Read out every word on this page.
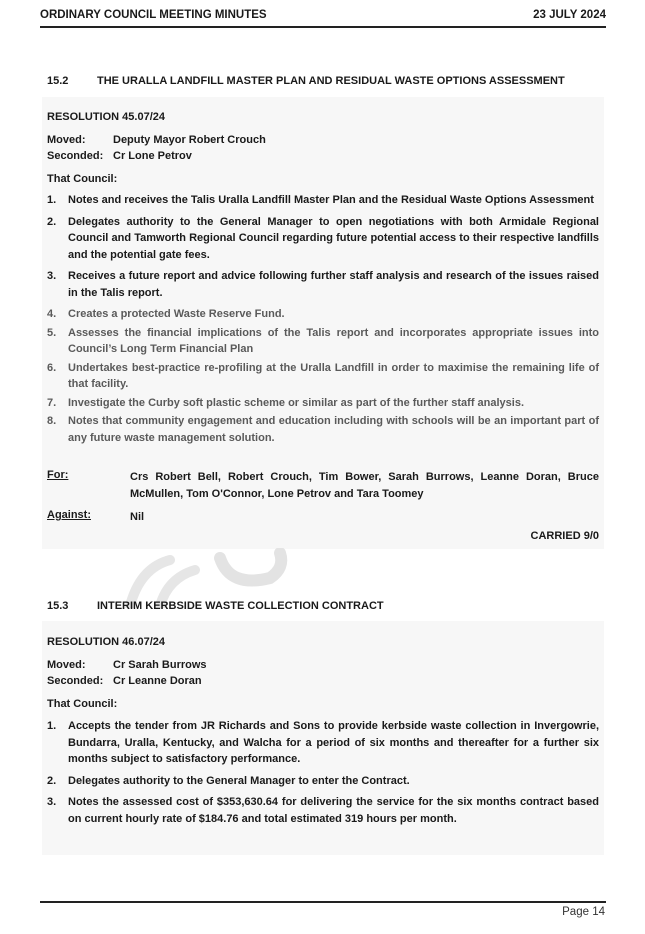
ORDINARY COUNCIL MEETING MINUTES	23 JULY 2024
15.2	THE URALLA LANDFILL MASTER PLAN AND RESIDUAL WASTE OPTIONS ASSESSMENT
RESOLUTION 45.07/24
Moved:	Deputy Mayor Robert Crouch
Seconded: Cr Lone Petrov
That Council:
1. Notes and receives the Talis Uralla Landfill Master Plan and the Residual Waste Options Assessment
2. Delegates authority to the General Manager to open negotiations with both Armidale Regional Council and Tamworth Regional Council regarding future potential access to their respective landfills and the potential gate fees.
3. Receives a future report and advice following further staff analysis and research of the issues raised in the Talis report.
4. Creates a protected Waste Reserve Fund.
5. Assesses the financial implications of the Talis report and incorporates appropriate issues into Council’s Long Term Financial Plan
6. Undertakes best-practice re-profiling at the Uralla Landfill in order to maximise the remaining life of that facility.
7. Investigate the Curby soft plastic scheme or similar as part of the further staff analysis.
8. Notes that community engagement and education including with schools will be an important part of any future waste management solution.
For:	Crs Robert Bell, Robert Crouch, Tim Bower, Sarah Burrows, Leanne Doran, Bruce McMullen, Tom O'Connor, Lone Petrov and Tara Toomey
Against:	Nil
CARRIED 9/0
15.3	INTERIM KERBSIDE WASTE COLLECTION CONTRACT
RESOLUTION 46.07/24
Moved:	Cr Sarah Burrows
Seconded: Cr Leanne Doran
That Council:
1. Accepts the tender from JR Richards and Sons to provide kerbside waste collection in Invergowrie, Bundarra, Uralla, Kentucky, and Walcha for a period of six months and thereafter for a further six months subject to satisfactory performance.
2. Delegates authority to the General Manager to enter the Contract.
3. Notes the assessed cost of $353,630.64 for delivering the service for the six months contract based on current hourly rate of $184.76 and total estimated 319 hours per month.
Page 14
